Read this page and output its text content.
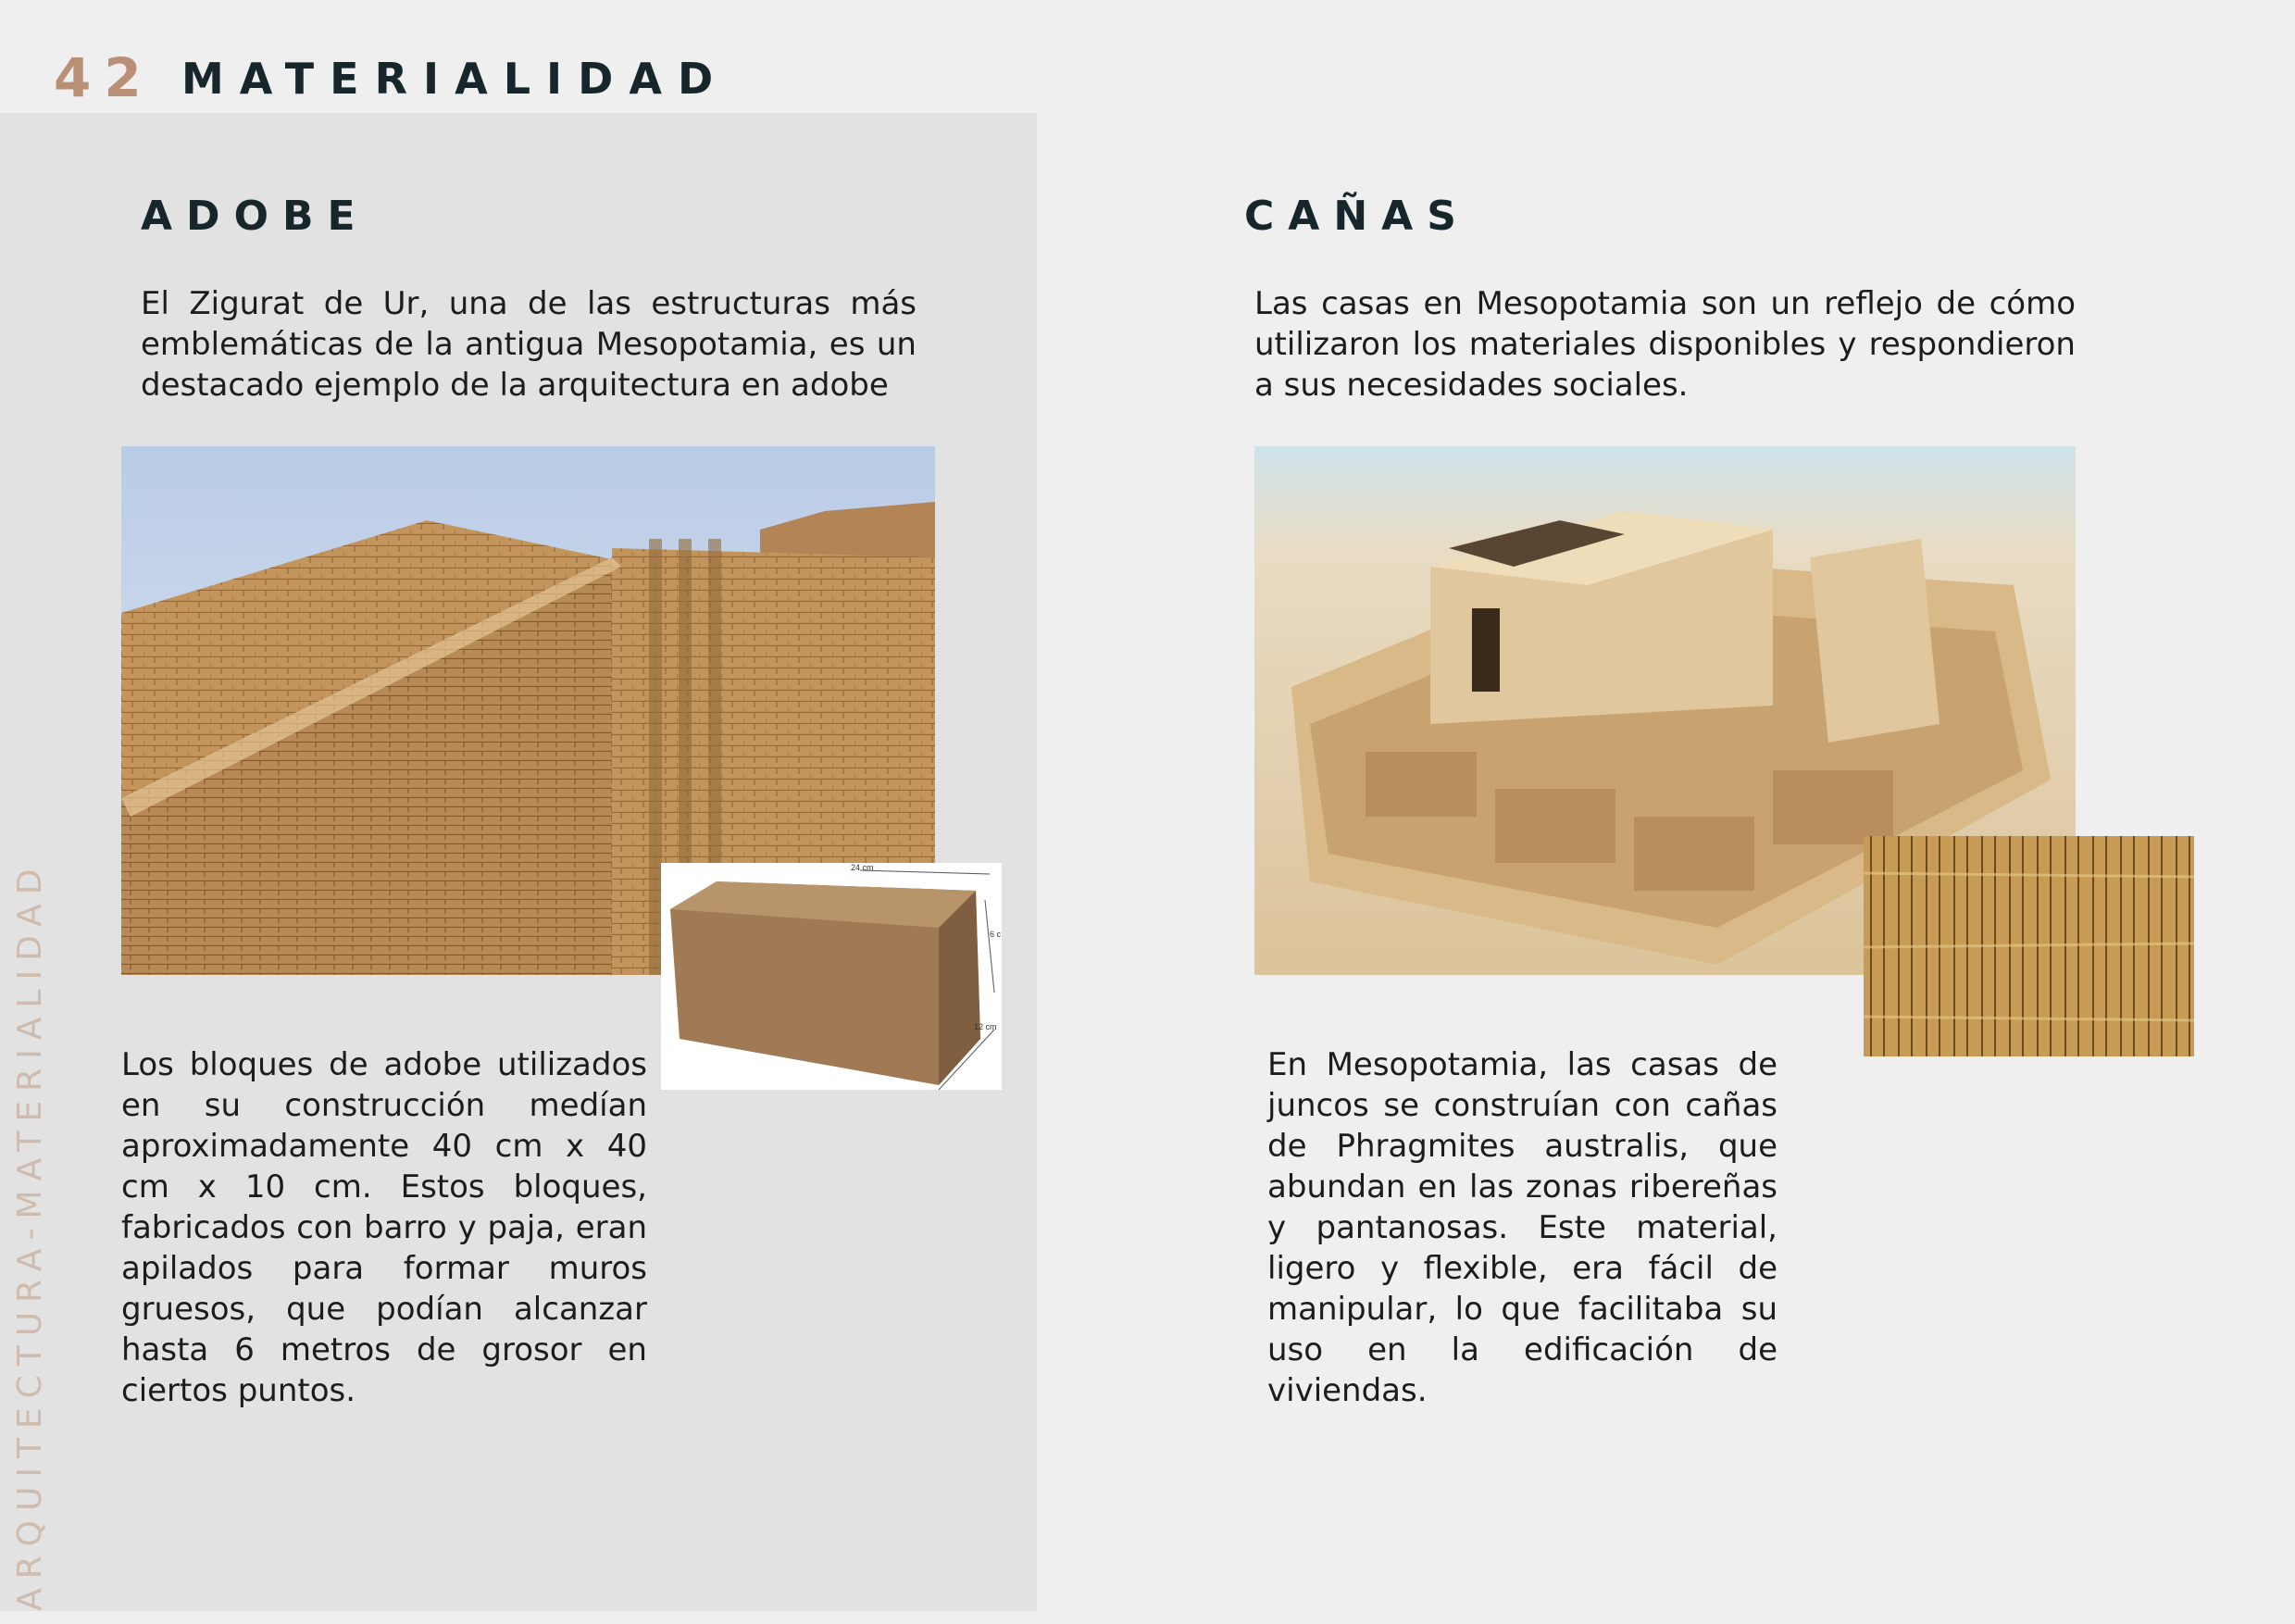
42 MATERIALIDAD
ARQUITECTURA-MATERIALIDAD
ADOBE
El Zigurat de Ur, una de las estructuras más emblemáticas de la antigua Mesopotamia, es un destacado ejemplo de la arquitectura en adobe
24 cm
6 c
12 cm
Los bloques de adobe utilizados en su construcción medían aproximadamente 40 cm x 40 cm x 10 cm. Estos bloques, fabricados con barro y paja, eran apilados para formar muros gruesos, que podían alcanzar hasta 6 metros de grosor en ciertos puntos.
CAÑAS
Las casas en Mesopotamia son un reflejo de cómo utilizaron los materiales disponibles y respondieron a sus necesidades sociales.
En Mesopotamia, las casas de juncos se construían con cañas de Phragmites australis, que abundan en las zonas ribereñas y pantanosas. Este material, ligero y flexible, era fácil de manipular, lo que facilitaba su uso en la edificación de viviendas.
